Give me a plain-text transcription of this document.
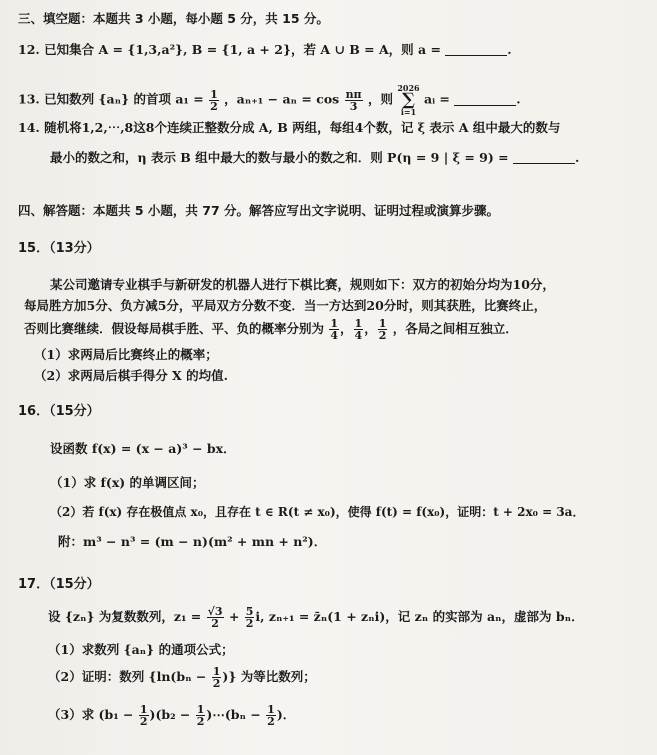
三、填空题：本题共 3 小题，每小题 5 分，共 15 分。
12. 已知集合 A = {1,3,a²}, B = {1, a + 2}，若 A ∪ B = A，则 a =	.
13. 已知数列 {aₙ} 的首项 $a_1 = \frac{1}{2}$ ，$a_{n+1} - a_n = \cos \frac{n\pi}{3}$ ，则 2026
∑
i=1 aᵢ =	.
14. 随机将1,2,⋯,8这8个连续正整数分成 A, B 两组，每组4个数，记 ξ 表示 A 组中最大的数与
最小的数之和，η 表示 B 组中最大的数与最小的数之和．则 P(η = 9 | ξ = 9) =	.
四、解答题：本题共 5 小题，共 77 分。解答应写出文字说明、证明过程或演算步骤。
15．（13分）
某公司邀请专业棋手与新研发的机器人进行下棋比赛，规则如下：双方的初始分均为10分，
每局胜方加5分、负方减5分，平局双方分数不变．当一方达到20分时，则其获胜，比赛终止，
否则比赛继续．假设每局棋手胜、平、负的概率分别为 $\frac{1}{4}$ ， $\frac{1}{4}$ ， $\frac{1}{2}$ ，各局之间相互独立．
（1）求两局后比赛终止的概率；
（2）求两局后棋手得分 X 的均值.
16．（15分）
设函数 f(x) = (x − a)³ − bx．
（1）求 f(x) 的单调区间；
（2）若 f(x) 存在极值点 x₀，且存在 t ∈ R(t ≠ x₀)，使得 f(t) = f(x₀)，证明：t + 2x₀ = 3a．
附：m³ − n³ = (m − n)(m² + mn + n²)．
17．（15分）
设 {zₙ} 为复数数列，$z_1 = \frac{√3}{2} + \frac{5}{2} i$, zₙ₊₁ = z̄ₙ(1 + zₙi)，记 zₙ 的实部为 aₙ，虚部为 bₙ．
（1）求数列 {aₙ} 的通项公式；
（2）证明：数列 {$\ln(b_n - \frac{1}{2}$ )} 为等比数列；
（3）求 $(b_1 - \frac{1}{2} )(b_2 - \frac{1}{2}$ )⋯(bₙ − $\frac{1}{2}$ )．
